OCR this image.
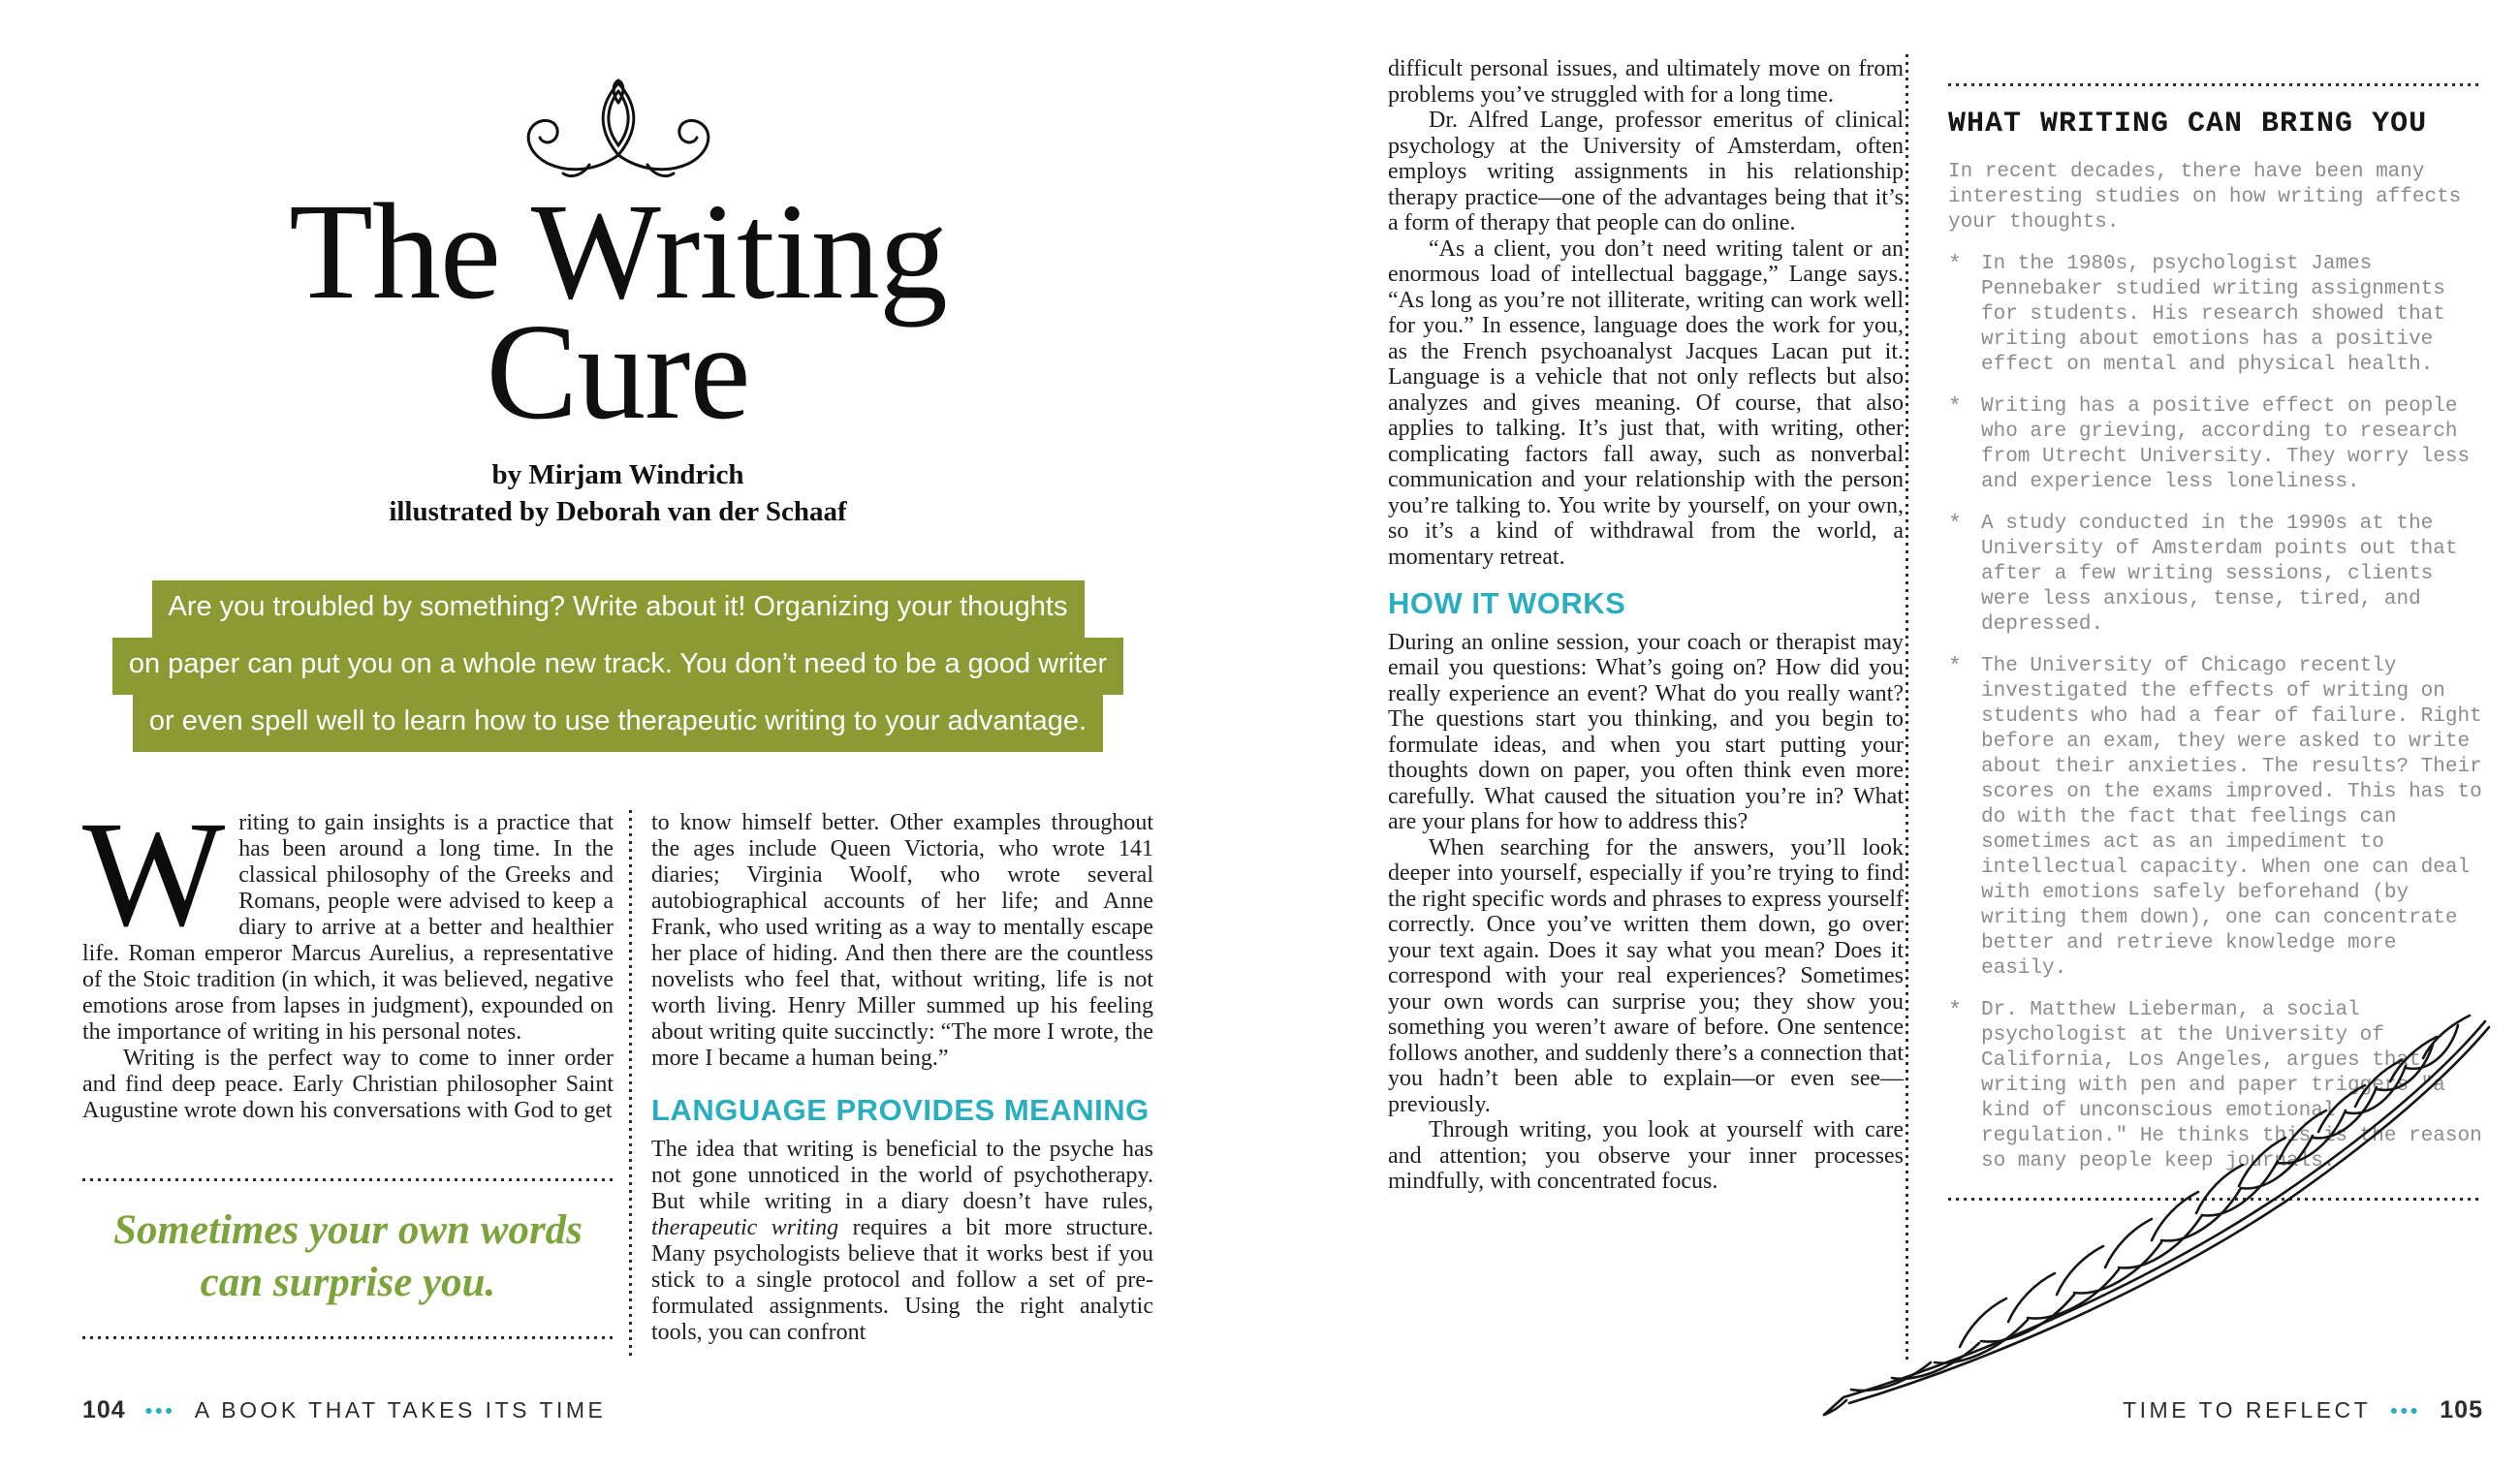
The Writing
Cure
by Mirjam Windrich
illustrated by Deborah van der Schaaf
Are you troubled by something? Write about it! Organizing your thoughts
on paper can put you on a whole new track. You don’t need to be a good writer
or even spell well to learn how to use therapeutic writing to your advantage.

Writing to gain insights is a practice that has been around a long time. In the classical philosophy of the Greeks and Romans, people were advised to keep a diary to arrive at a better and healthier life. Roman emperor Marcus Aurelius, a representative of the Stoic tradition (in which, it was believed, negative emotions arose from lapses in judgment), expounded on the importance of writing in his personal notes.

Writing is the perfect way to come to inner order and find deep peace. Early Christian philosopher Saint Augustine wrote down his conversations with God to get

Sometimes your own words can surprise you.

to know himself better. Other examples throughout the ages include Queen Victoria, who wrote 141 diaries; Virginia Woolf, who wrote several autobiographical accounts of her life; and Anne Frank, who used writing as a way to mentally escape her place of hiding. And then there are the countless novelists who feel that, without writing, life is not worth living. Henry Miller summed up his feeling about writing quite succinctly: “The more I wrote, the more I became a human being.”

LANGUAGE PROVIDES MEANING

The idea that writing is beneficial to the psyche has not gone unnoticed in the world of psychotherapy. But while writing in a diary doesn’t have rules, therapeutic writing requires a bit more structure. Many psychologists believe that it works best if you stick to a single protocol and follow a set of pre-formulated assignments. Using the right analytic tools, you can confront

104 ••• A BOOK THAT TAKES ITS TIME

difficult personal issues, and ultimately move on from problems you’ve struggled with for a long time.

Dr. Alfred Lange, professor emeritus of clinical psychology at the University of Amsterdam, often employs writing assignments in his relationship therapy practice—one of the advantages being that it’s a form of therapy that people can do online.

“As a client, you don’t need writing talent or an enormous load of intellectual baggage,” Lange says. “As long as you’re not illiterate, writing can work well for you.” In essence, language does the work for you, as the French psychoanalyst Jacques Lacan put it. Language is a vehicle that not only reflects but also analyzes and gives meaning. Of course, that also applies to talking. It’s just that, with writing, other complicating factors fall away, such as nonverbal communication and your relationship with the person you’re talking to. You write by yourself, on your own, so it’s a kind of withdrawal from the world, a momentary retreat.

HOW IT WORKS

During an online session, your coach or therapist may email you questions: What’s going on? How did you really experience an event? What do you really want? The questions start you thinking, and you begin to formulate ideas, and when you start putting your thoughts down on paper, you often think even more carefully. What caused the situation you’re in? What are your plans for how to address this?

When searching for the answers, you’ll look deeper into yourself, especially if you’re trying to find the right specific words and phrases to express yourself correctly. Once you’ve written them down, go over your text again. Does it say what you mean? Does it correspond with your real experiences? Sometimes your own words can surprise you; they show you something you weren’t aware of before. One sentence follows another, and suddenly there’s a connection that you hadn’t been able to explain—or even see—previously.

Through writing, you look at yourself with care and attention; you observe your inner processes mindfully, with concentrated focus.

WHAT WRITING CAN BRING YOU

In recent decades, there have been many interesting studies on how writing affects your thoughts.

* In the 1980s, psychologist James Pennebaker studied writing assignments for students. His research showed that writing about emotions has a positive effect on mental and physical health.
* Writing has a positive effect on people who are grieving, according to research from Utrecht University. They worry less and experience less loneliness.
* A study conducted in the 1990s at the University of Amsterdam points out that after a few writing sessions, clients were less anxious, tense, tired, and depressed.
* The University of Chicago recently investigated the effects of writing on students who had a fear of failure. Right before an exam, they were asked to write about their anxieties. The results? Their scores on the exams improved. This has to do with the fact that feelings can sometimes act as an impediment to intellectual capacity. When one can deal with emotions safely beforehand (by writing them down), one can concentrate better and retrieve knowledge more easily.
* Dr. Matthew Lieberman, a social psychologist at the University of California, Los Angeles, argues that writing with pen and paper triggers "a kind of unconscious emotional regulation." He thinks this is the reason so many people keep journals.
TIME TO REFLECT ••• 105
